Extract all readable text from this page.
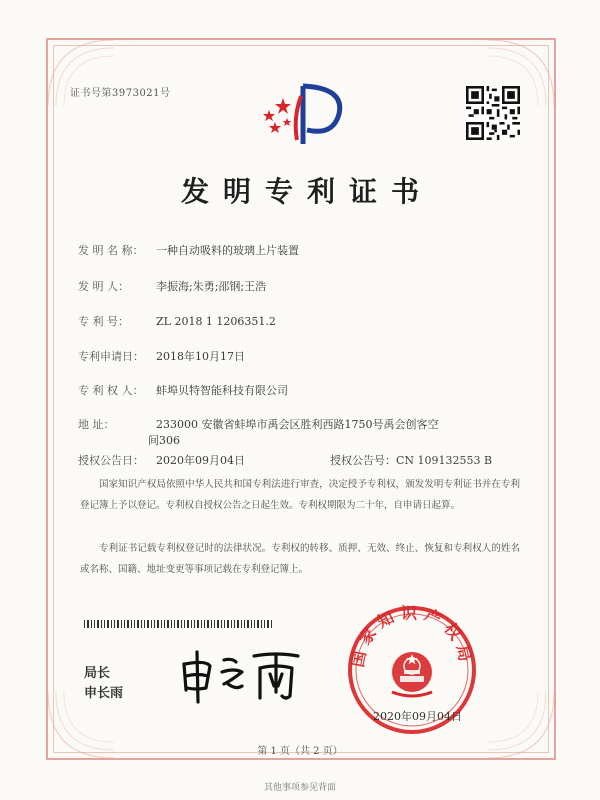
证书号第3973021号
发明专利证书
发 明 名 称： 一种自动吸料的玻璃上片装置
发 明 人： 李振海;朱勇;邵钢;王浩
专 利 号： ZL 2018 1 1206351.2
专利申请日： 2018年10月17日
专 利 权 人： 蚌埠贝特智能科技有限公司
地 址：	233000 安徽省蚌埠市禹会区胜利西路1750号禹会创客空
间306
授权公告日： 2020年09月04日	授权公告号：CN 109132553 B
国家知识产权局依照中华人民共和国专利法进行审查，决定授予专利权，颁发发明专利证书并在专利登记簿上予以登记。专利权自授权公告之日起生效。专利权期限为二十年，自申请日起算。
专利证书记载专利权登记时的法律状况。专利权的转移、质押、无效、终止、恢复和专利权人的姓名或名称、国籍、地址变更等事项记载在专利登记簿上。
局长
申长雨
国家知识产权局
2020年09月04日
第 1 页（共 2 页）
其他事项参见背面
